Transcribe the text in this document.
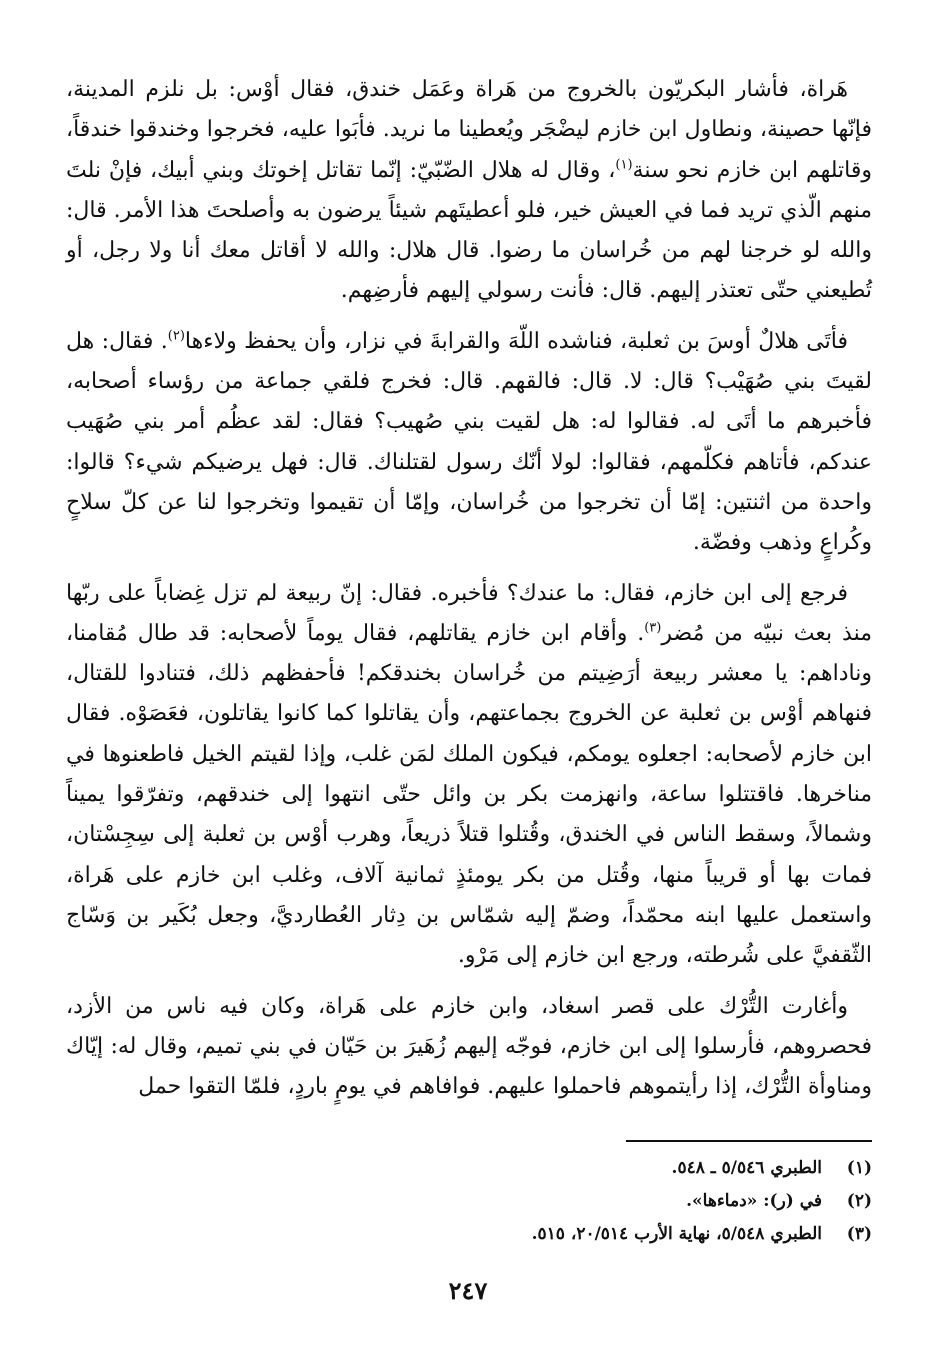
هَراة، فأشار البكريّون بالخروج من هَراة وعَمَل خندق، فقال أوْس: بل نلزم المدينة، فإنّها حصينة، ونطاول ابن خازم ليضْجَر ويُعطينا ما نريد. فأبَوا عليه، فخرجوا وخندقوا خندقاً، وقاتلهم ابن خازم نحو سنة$^{(١)}$، وقال له هلال الضّبّيّ: إنّما تقاتل إخوتك وبني أبيك، فإنْ نلتَ منهم الّذي تريد فما في العيش خير، فلو أعطيتَهم شيئاً يرضون به وأصلحتَ هذا الأمر. قال: والله لو خرجنا لهم من خُراسان ما رضوا. قال هلال: والله لا أقاتل معك أنا ولا رجل، أو تُطيعني حتّى تعتذر إليهم. قال: فأنت رسولي إليهم فأرضِهم.

فأتَى هلالٌ أوسَ بن ثعلبة، فناشده اللّهَ والقرابةَ في نزار، وأن يحفظ ولاءها$^{(٢)}$. فقال: هل لقيتَ بني صُهَيْب؟ قال: لا. قال: فالقهم. قال: فخرج فلقي جماعة من رؤساء أصحابه، فأخبرهم ما أتَى له. فقالوا له: هل لقيت بني صُهيب؟ فقال: لقد عظُم أمر بني صُهَيب عندكم، فأتاهم فكلّمهم، فقالوا: لولا أنّك رسول لقتلناك. قال: فهل يرضيكم شيء؟ قالوا: واحدة من اثنتين: إمّا أن تخرجوا من خُراسان، وإمّا أن تقيموا وتخرجوا لنا عن كلّ سلاحٍ وكُراعٍ وذهب وفضّة.

فرجع إلى ابن خازم، فقال: ما عندك؟ فأخبره. فقال: إنّ ربيعة لم تزل غِضاباً على ربّها منذ بعث نبيّه من مُضر$^{(٣)}$. وأقام ابن خازم يقاتلهم، فقال يوماً لأصحابه: قد طال مُقامنا، وناداهم: يا معشر ربيعة أرَضِيتم من خُراسان بخندقكم! فأحفظهم ذلك، فتنادوا للقتال، فنهاهم أوْس بن ثعلبة عن الخروج بجماعتهم، وأن يقاتلوا كما كانوا يقاتلون، فعَصَوْه. فقال ابن خازم لأصحابه: اجعلوه يومكم، فيكون الملك لمَن غلب، وإذا لقيتم الخيل فاطعنوها في مناخرها. فاقتتلوا ساعة، وانهزمت بكر بن وائل حتّى انتهوا إلى خندقهم، وتفرّقوا يميناً وشمالاً، وسقط الناس في الخندق، وقُتلوا قتلاً ذريعاً، وهرب أوْس بن ثعلبة إلى سِجِسْتان، فمات بها أو قريباً منها، وقُتل من بكر يومئذٍ ثمانية آلاف، وغلب ابن خازم على هَراة، واستعمل عليها ابنه محمّداً، وضمّ إليه شمّاس بن دِثار العُطارديَّ، وجعل بُكَير بن وَسّاج الثّقفيَّ على شُرطته، ورجع ابن خازم إلى مَرْو.

وأغارت التُّرْك على قصر اسغاد، وابن خازم على هَراة، وكان فيه ناس من الأزد، فحصروهم، فأرسلوا إلى ابن خازم، فوجّه إليهم زُهَيرَ بن حَيّان في بني تميم، وقال له: إيّاك ومناوأة التُّرْك، إذا رأيتموهم فاحملوا عليهم. فوافاهم في يومٍ باردٍ، فلمّا التقوا حمل

(١)
الطبري ٥/٥٤٦ ـ ٥٤٨.
(٢)
في (ر): «دماءها».
(٣)
الطبري ٥/٥٤٨، نهاية الأرب ٢٠/٥١٤، ٥١٥.
٢٤٧
